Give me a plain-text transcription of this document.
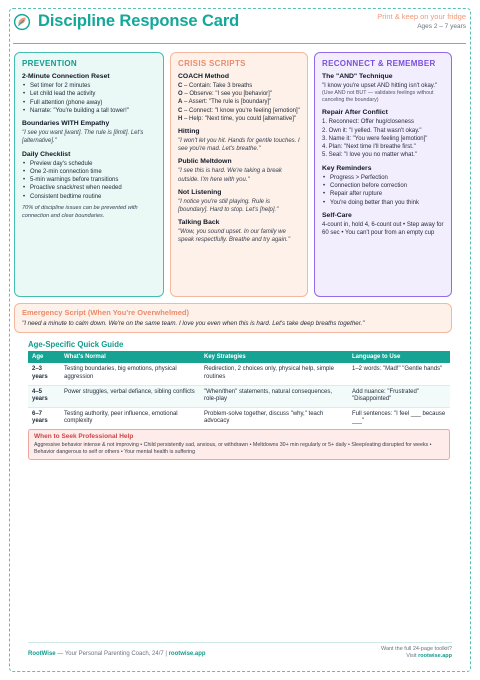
Discipline Response Card	Print & keep on your fridge
Ages 2 – 7 years
PREVENTION
2-Minute Connection Reset
• Set timer for 2 minutes
• Let child lead the activity
• Full attention (phone away)
• Narrate: "You're building a tall tower!"
Boundaries WITH Empathy
"I see you want [want]. The rule is [limit]. Let's [alternative]."
Daily Checklist
• Preview day's schedule
• One 2-min connection time
• 5-min warnings before transitions
• Proactive snack/rest when needed
• Consistent bedtime routine
70% of discipline issues can be prevented with connection and clear boundaries.
CRISIS SCRIPTS
COACH Method
C – Contain: Take 3 breaths
O – Observe: "I see you [behavior]"
A – Assert: "The rule is [boundary]"
C – Connect: "I know you're feeling [emotion]"
H – Help: "Next time, you could [alternative]"
Hitting
"I won't let you hit. Hands for gentle touches. I see you're mad. Let's breathe."
Public Meltdown
"I see this is hard. We're taking a break outside. I'm here with you."
Not Listening
"I notice you're still playing. Rule is [boundary]. Hard to stop. Let's [help]."
Talking Back
"Wow, you sound upset. In our family we speak respectfully. Breathe and try again."
RECONNECT & REMEMBER
The "AND" Technique
"I know you're upset AND hitting isn't okay."
(Use AND not BUT — validates feelings without canceling the boundary)
Repair After Conflict
1. Reconnect: Offer hug/closeness
2. Own it: "I yelled. That wasn't okay."
3. Name it: "You were feeling [emotion]"
4. Plan: "Next time I'll breathe first."
5. Seal: "I love you no matter what."
Key Reminders
• Progress > Perfection
• Connection before correction
• Repair after rupture
• You're doing better than you think
Self-Care
4-count in, hold 4, 6-count out • Step away for 60 sec • You can't pour from an empty cup
Emergency Script (When You're Overwhelmed)
"I need a minute to calm down. We're on the same team. I love you even when this is hard. Let's take deep breaths together."
Age-Specific Quick Guide
Age	What's Normal	Key Strategies	Language to Use
2–3 years	Testing boundaries, big emotions, physical aggression	Redirection, 2 choices only, physical help, simple routines	1–2 words: "Mad!" "Gentle hands"
4–5 years	Power struggles, verbal defiance, sibling conflicts	"When/then" statements, natural consequences, role-play	Add nuance: "Frustrated" "Disappointed"
6–7 years	Testing authority, peer influence, emotional complexity	Problem-solve together, discuss "why," teach advocacy	Full sentences: "I feel ___ because ___"
When to Seek Professional Help
Aggressive behavior intense & not improving • Child persistently sad, anxious, or withdrawn • Meltdowns 30+ min regularly or 5+ daily • Sleep/eating disrupted for weeks • Behavior dangerous to self or others • Your mental health is suffering
RootWise — Your Personal Parenting Coach, 24/7 | rootwise.app
Want the full 24-page toolkit?
Visit rootwise.app
